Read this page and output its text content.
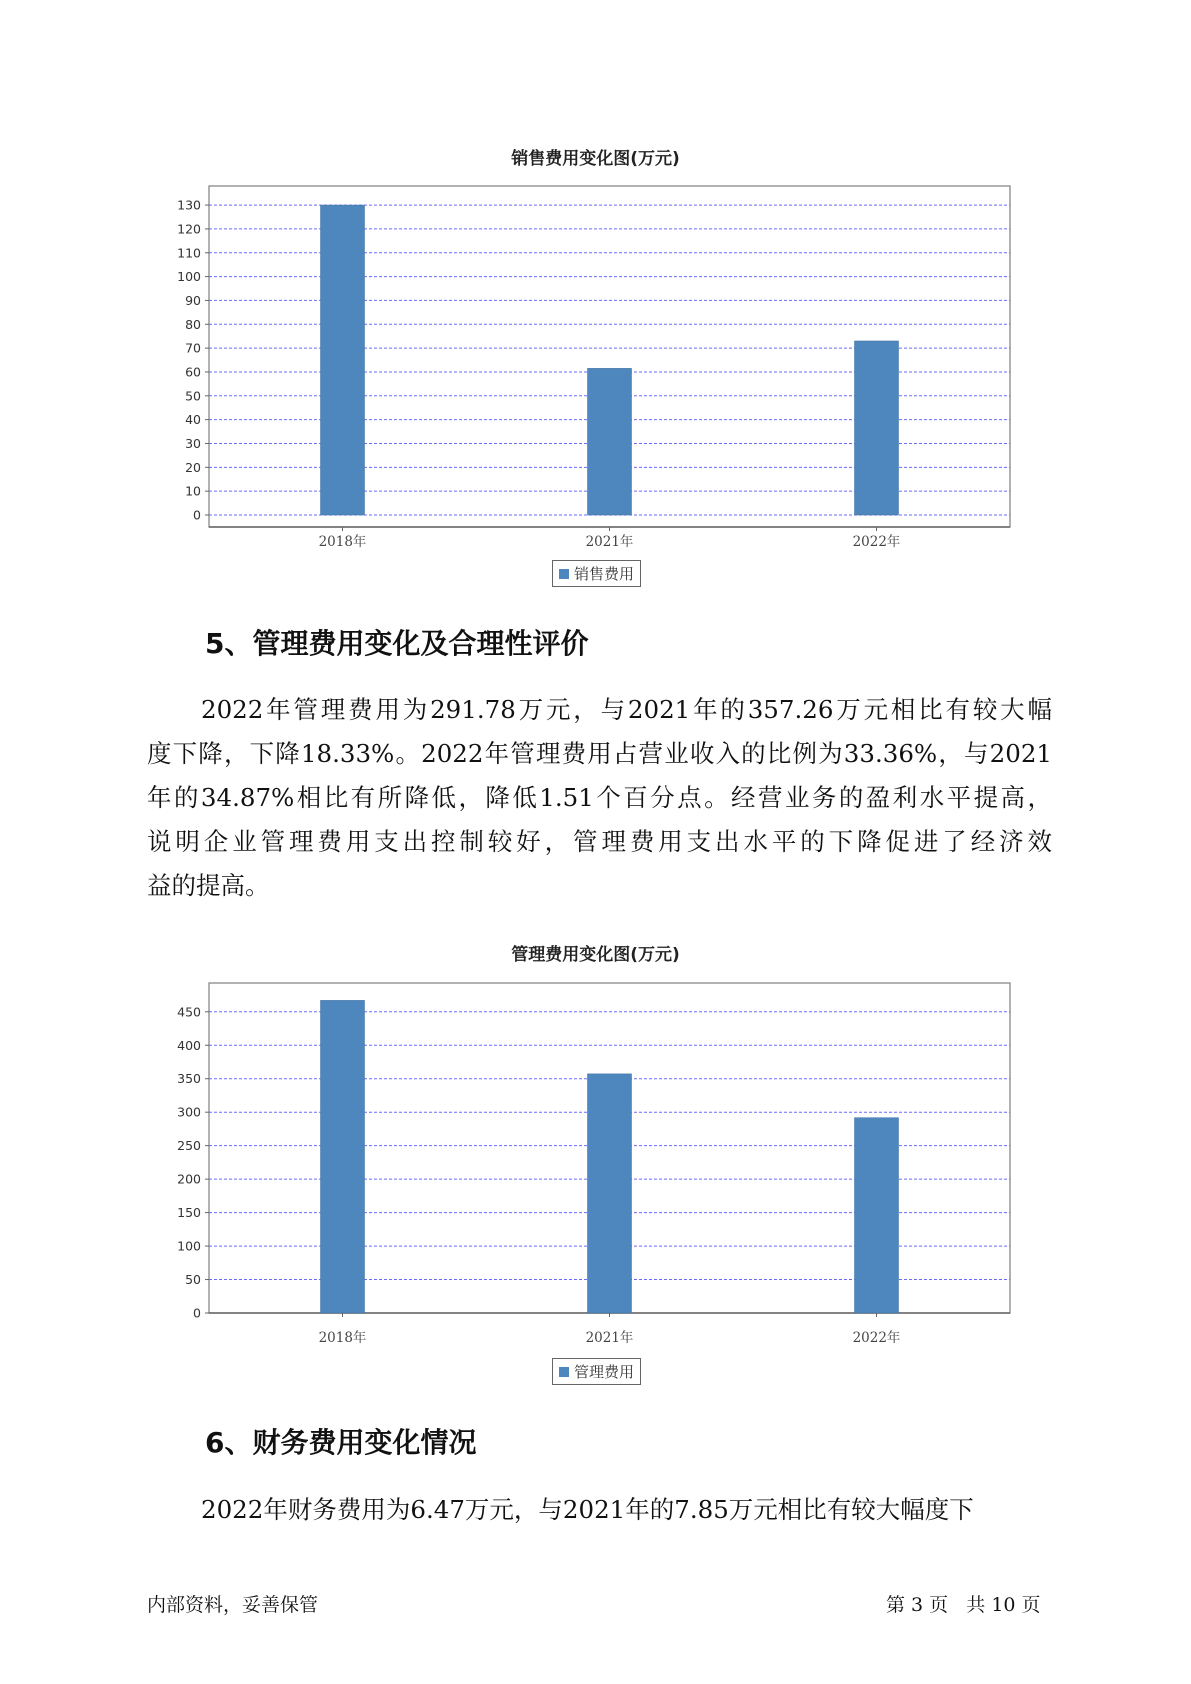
销售费用变化图(万元)
0
10
20
30
40
50
60
70
80
90
100
110
120
130
2018年	2021年	2022年
销售费用
5、管理费用变化及合理性评价
2022年管理费用为291.78万元，与2021年的357.26万元相比有较大幅
度下降，下降18.33%。2022年管理费用占营业收入的比例为33.36%，与2021
年的34.87%相比有所降低，降低1.51个百分点。经营业务的盈利水平提高，
说明企业管理费用支出控制较好，管理费用支出水平的下降促进了经济效
益的提高。
管理费用变化图(万元)
0
50
100
150
200
250
300
350
400
450
2018年	2021年	2022年
管理费用
6、财务费用变化情况
2022年财务费用为6.47万元，与2021年的7.85万元相比有较大幅度下
内部资料，妥善保管	第 3 页   共 10 页
